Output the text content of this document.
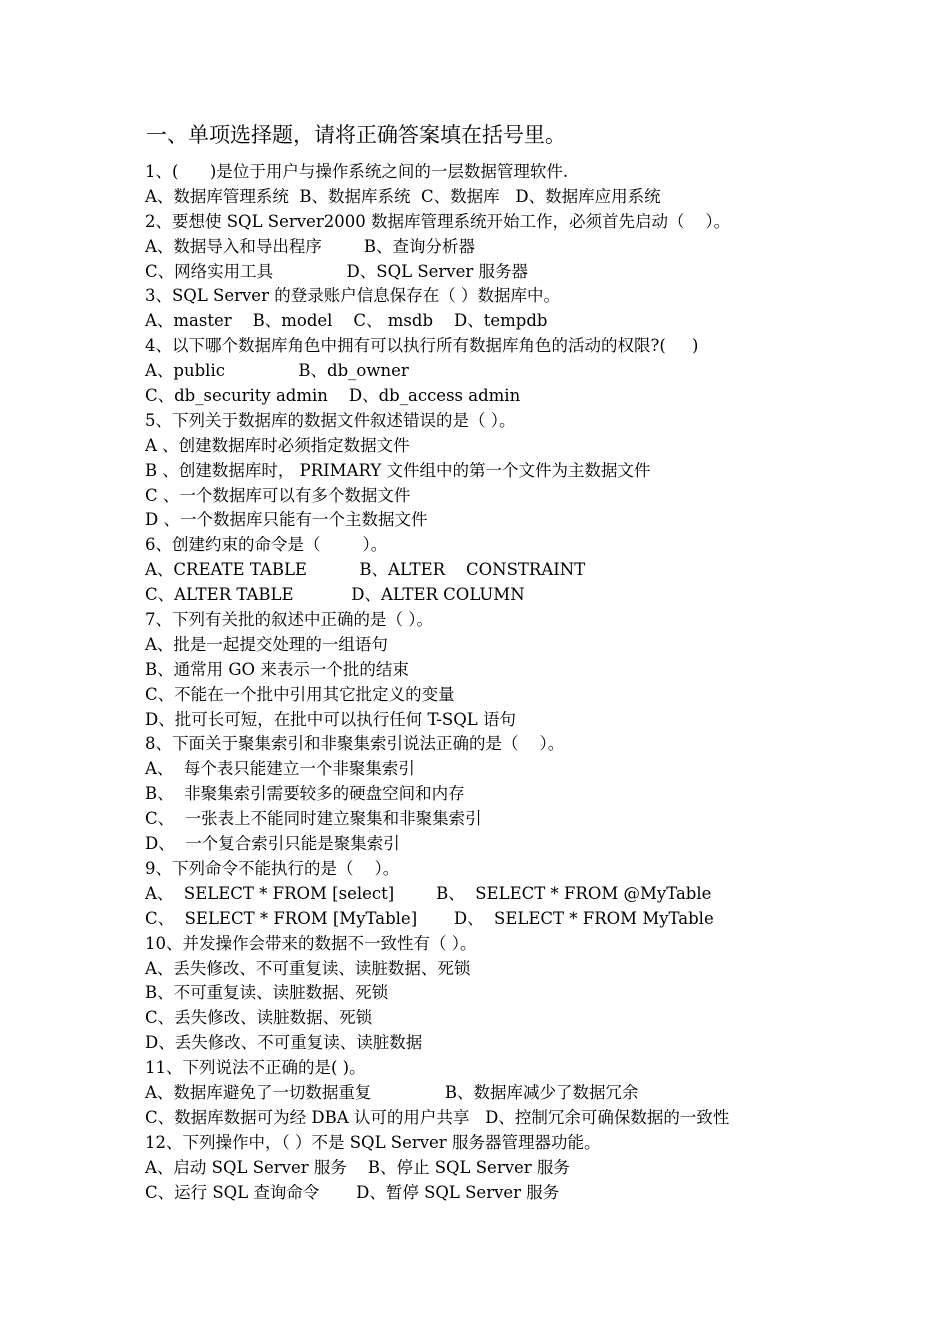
一、单项选择题，请将正确答案填在括号里。
1、(      )是位于用户与操作系统之间的一层数据管理软件.
A、数据库管理系统  B、数据库系统  C、数据库   D、数据库应用系统
2、要想使 SQL Server2000 数据库管理系统开始工作，必须首先启动（    ）。
A、数据导入和导出程序        B、查询分析器
C、网络实用工具              D、SQL Server 服务器
3、SQL Server 的登录账户信息保存在（ ）数据库中。
A、master    B、model    C、 msdb    D、tempdb
4、以下哪个数据库角色中拥有可以执行所有数据库角色的活动的权限?(     )
A、public              B、db_owner
C、db_security admin    D、db_access admin
5、下列关于数据库的数据文件叙述错误的是（ ）。
A 、创建数据库时必须指定数据文件
B 、创建数据库时， PRIMARY 文件组中的第一个文件为主数据文件
C 、一个数据库可以有多个数据文件
D 、一个数据库只能有一个主数据文件
6、创建约束的命令是（        ）。
A、CREATE TABLE          B、ALTER    CONSTRAINT
C、ALTER TABLE           D、ALTER COLUMN
7、下列有关批的叙述中正确的是（ ）。
A、批是一起提交处理的一组语句
B、通常用 GO 来表示一个批的结束
C、不能在一个批中引用其它批定义的变量
D、批可长可短，在批中可以执行任何 T-SQL 语句
8、下面关于聚集索引和非聚集索引说法正确的是（    ）。
A、  每个表只能建立一个非聚集索引
B、  非聚集索引需要较多的硬盘空间和内存
C、  一张表上不能同时建立聚集和非聚集索引
D、  一个复合索引只能是聚集索引
9、下列命令不能执行的是（    ）。
A、  SELECT * FROM [select]        B、  SELECT * FROM @MyTable
C、  SELECT * FROM [MyTable]       D、  SELECT * FROM MyTable
10、并发操作会带来的数据不一致性有（ ）。
A、丢失修改、不可重复读、读脏数据、死锁
B、不可重复读、读脏数据、死锁
C、丢失修改、读脏数据、死锁
D、丢失修改、不可重复读、读脏数据
11、下列说法不正确的是( )。
A、数据库避免了一切数据重复              B、数据库减少了数据冗余
C、数据库数据可为经 DBA 认可的用户共享   D、控制冗余可确保数据的一致性
12、下列操作中，（ ）不是 SQL Server 服务器管理器功能。
A、启动 SQL Server 服务    B、停止 SQL Server 服务
C、运行 SQL 查询命令       D、暂停 SQL Server 服务
